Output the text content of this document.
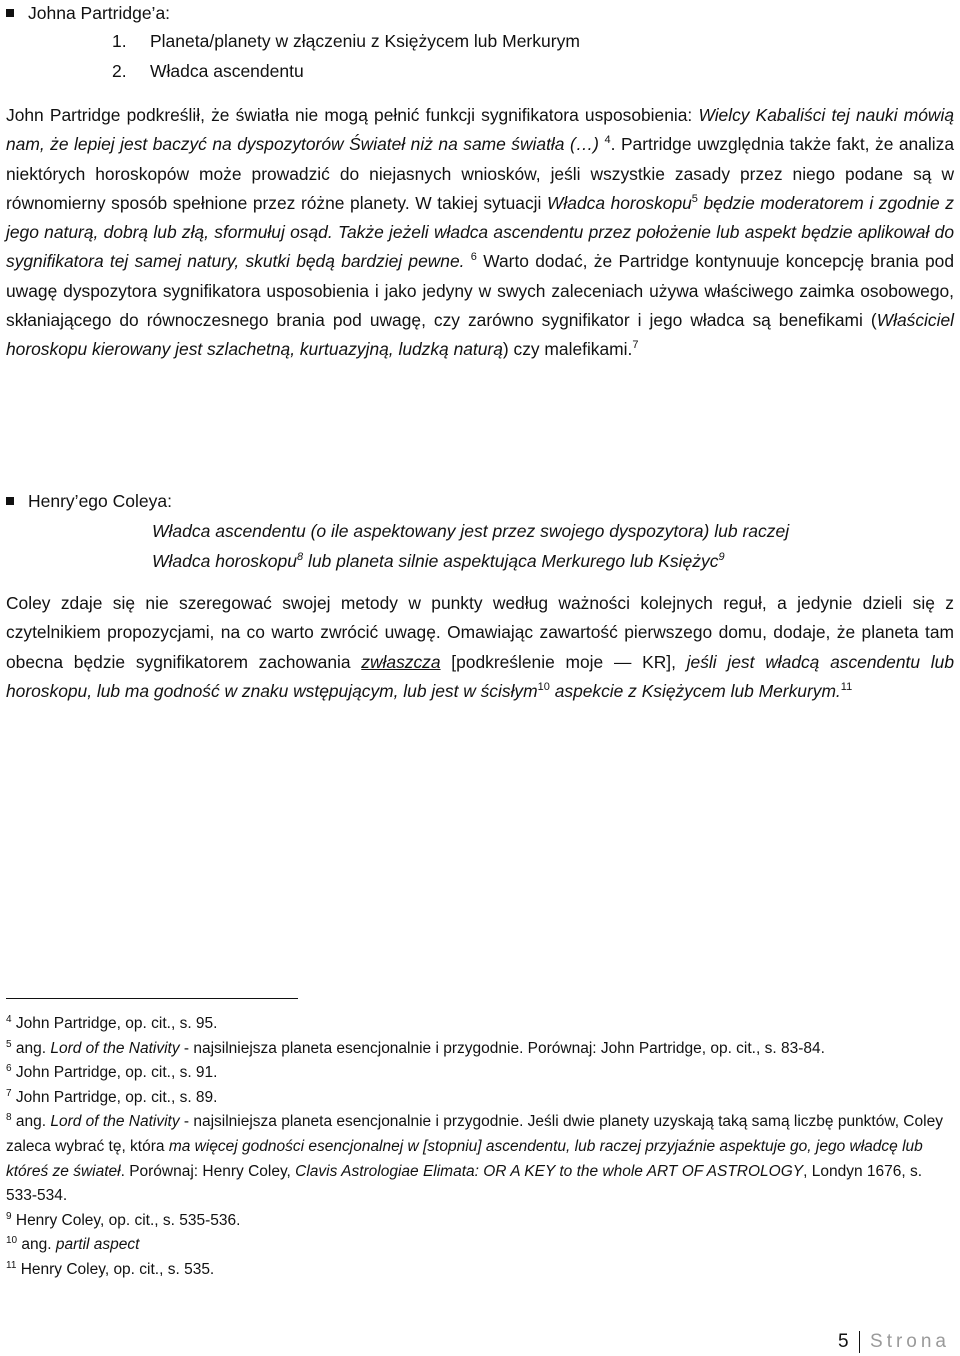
Johna Partridge’a:
1. Planeta/planety w złączeniu z Księżycem lub Merkurym
2. Władca ascendentu

John Partridge podkreślił, że światła nie mogą pełnić funkcji sygnifikatora usposobienia: Wielcy Kabaliści tej nauki mówią nam, że lepiej jest baczyć na dyspozytorów Świateł niż na same światła (…) $^4$. Partridge uwzględnia także fakt, że analiza niektórych horoskopów może prowadzić do niejasnych wniosków, jeśli wszystkie zasady przez niego podane są w równomierny sposób spełnione przez różne planety. W takiej sytuacji Władca horoskopu$^5$ będzie moderatorem i zgodnie z jego naturą, dobrą lub złą, sformułuj osąd. Także jeżeli władca ascendentu przez położenie lub aspekt będzie aplikował do sygnifikatora tej samej natury, skutki będą bardziej pewne. $^6$ Warto dodać, że Partridge kontynuuje koncepcję brania pod uwagę dyspozytora sygnifikatora usposobienia i jako jedyny w swych zaleceniach używa właściwego zaimka osobowego, skłaniającego do równoczesnego brania pod uwagę, czy zarówno sygnifikator i jego władca są benefikami (Właściciel horoskopu kierowany jest szlachetną, kurtuazyjną, ludzką naturą) czy malefikami.$^7$

Henry’ego Coleya:
Władca ascendentu (o ile aspektowany jest przez swojego dyspozytora) lub raczej
Władca horoskopu$^8$ lub planeta silnie aspektująca Merkurego lub Księżyc$^9$

Coley zdaje się nie szeregować swojej metody w punkty według ważności kolejnych reguł, a jedynie dzieli się z czytelnikiem propozycjami, na co warto zwrócić uwagę. Omawiając zawartość pierwszego domu, dodaje, że planeta tam obecna będzie sygnifikatorem zachowania zwłaszcza [podkreślenie moje — KR], jeśli jest władcą ascendentu lub horoskopu, lub ma godność w znaku wstępującym, lub jest w ścisłym$^{10}$ aspekcie z Księżycem lub Merkurym.$^{11}$

$^4$ John Partridge, op. cit., s. 95.
$^5$ ang. Lord of the Nativity - najsilniejsza planeta esencjonalnie i przygodnie. Porównaj: John Partridge, op. cit., s. 83-84.
$^6$ John Partridge, op. cit., s. 91.
$^7$ John Partridge, op. cit., s. 89.
$^8$ ang. Lord of the Nativity - najsilniejsza planeta esencjonalnie i przygodnie. Jeśli dwie planety uzyskają taką samą liczbę punktów, Coley zaleca wybrać tę, która ma więcej godności esencjonalnej w [stopniu] ascendentu, lub raczej przyjaźnie aspektuje go, jego władcę lub któreś ze świateł. Porównaj: Henry Coley, Clavis Astrologiae Elimata: OR A KEY to the whole ART OF ASTROLOGY, Londyn 1676, s. 533-534.
$^9$ Henry Coley, op. cit., s. 535-536.
$^{10}$ ang. partil aspect
$^{11}$ Henry Coley, op. cit., s. 535.
5 Strona
